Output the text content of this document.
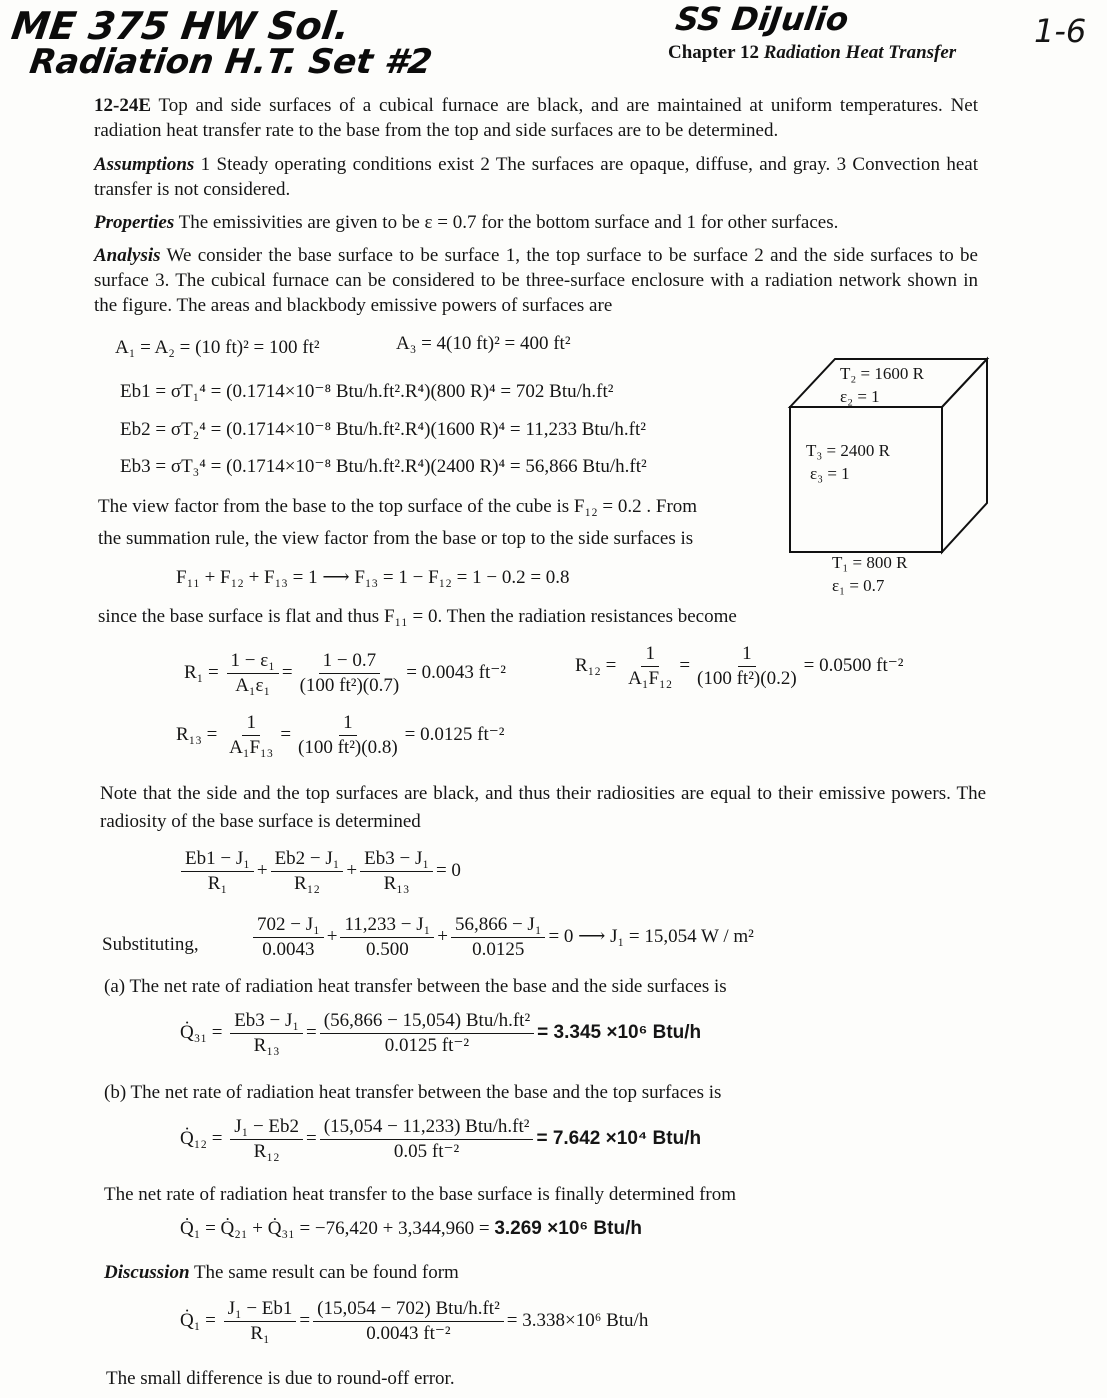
ME 375 HW Sol.
Radiation H.T. Set #2
SS DiJulio	1-6
Chapter 12 Radiation Heat Transfer
12-24E Top and side surfaces of a cubical furnace are black, and are maintained at uniform temperatures. Net radiation heat transfer rate to the base from the top and side surfaces are to be determined.
Assumptions 1 Steady operating conditions exist 2 The surfaces are opaque, diffuse, and gray. 3 Convection heat transfer is not considered.
Properties The emissivities are given to be ε = 0.7 for the bottom surface and 1 for other surfaces.
Analysis We consider the base surface to be surface 1, the top surface to be surface 2 and the side surfaces to be surface 3. The cubical furnace can be considered to be three-surface enclosure with a radiation network shown in the figure. The areas and blackbody emissive powers of surfaces are
A₁ = A₂ = (10 ft)² = 100 ft²	A₃ = 4(10 ft)² = 400 ft²
Eb1 = σT₁⁴ = (0.1714×10⁻⁸ Btu/h.ft².R⁴)(800 R)⁴ = 702 Btu/h.ft²
Eb2 = σT₂⁴ = (0.1714×10⁻⁸ Btu/h.ft².R⁴)(1600 R)⁴ = 11,233 Btu/h.ft²
Eb3 = σT₃⁴ = (0.1714×10⁻⁸ Btu/h.ft².R⁴)(2400 R)⁴ = 56,866 Btu/h.ft²
T₂ = 1600 R
ε₂ = 1
T₃ = 2400 R
ε₃ = 1
T₁ = 800 R
ε₁ = 0.7
The view factor from the base to the top surface of the cube is F₁₂ = 0.2 . From
the summation rule, the view factor from the base or top to the side surfaces is
F₁₁ + F₁₂ + F₁₃ = 1 ⟶ F₁₃ = 1 − F₁₂ = 1 − 0.2 = 0.8
since the base surface is flat and thus F₁₁ = 0. Then the radiation resistances become
$R_1 = \frac{\text{1 − ε₁}}{\text{A₁ε₁}} = \frac{1 - 0.7}{\text{(100 ft²)(0.7)}} = 0.0043$ ft⁻²	$R_{12} = \frac{1}{\text{A₁F₁₂}} = \frac{1}{\text{(100 ft²)(0.2)}} = 0.0500$ ft⁻²
$R_{13} = \frac{1}{\text{A₁F₁₃}} = \frac{1}{\text{(100 ft²)(0.8)}} = 0.0125$ ft⁻²
Note that the side and the top surfaces are black, and thus their radiosities are equal to their emissive powers. The radiosity of the base surface is determined
$\frac{\text{Eb1 − J₁}}{\text{R₁}} + \frac{\text{Eb2 − J₁}}{\text{R₁₂}} + \frac{\text{Eb3 − J₁}}{\text{R₁₃}} = 0$
Substituting,	$\frac{\text{702 − J₁}}{0.0043} + \frac{\text{11,233 − J₁}}{0.500} + \frac{\text{56,866 − J₁}}{0.0125} = 0$ ⟶ J₁ = 15,054 W / m²
(a) The net rate of radiation heat transfer between the base and the side surfaces is
Q̇₃₁ = $\frac{\text{Eb3 − J₁}}{\text{R₁₃}} = \frac{\text{(56,866 − 15,054) Btu/h.ft²}}{\text{0.0125 ft⁻²}} = 3.345 \times 10^6$ Btu/h
(b) The net rate of radiation heat transfer between the base and the top surfaces is
Q̇₁₂ = $\frac{\text{J₁ − Eb2}}{\text{R₁₂}} = \frac{\text{(15,054 − 11,233) Btu/h.ft²}}{\text{0.05 ft⁻²}} = 7.642 \times 10^4$ Btu/h
The net rate of radiation heat transfer to the base surface is finally determined from
Q̇₁ = Q̇₂₁ + Q̇₃₁ = −76,420 + 3,344,960 = 3.269 ×10⁶ Btu/h
Discussion The same result can be found form
Q̇₁ = $\frac{\text{J₁ − Eb1}}{\text{R₁}} = \frac{\text{(15,054 − 702) Btu/h.ft²}}{\text{0.0043 ft⁻²}} = 3.338\times 10^6$ Btu/h
The small difference is due to round-off error.
